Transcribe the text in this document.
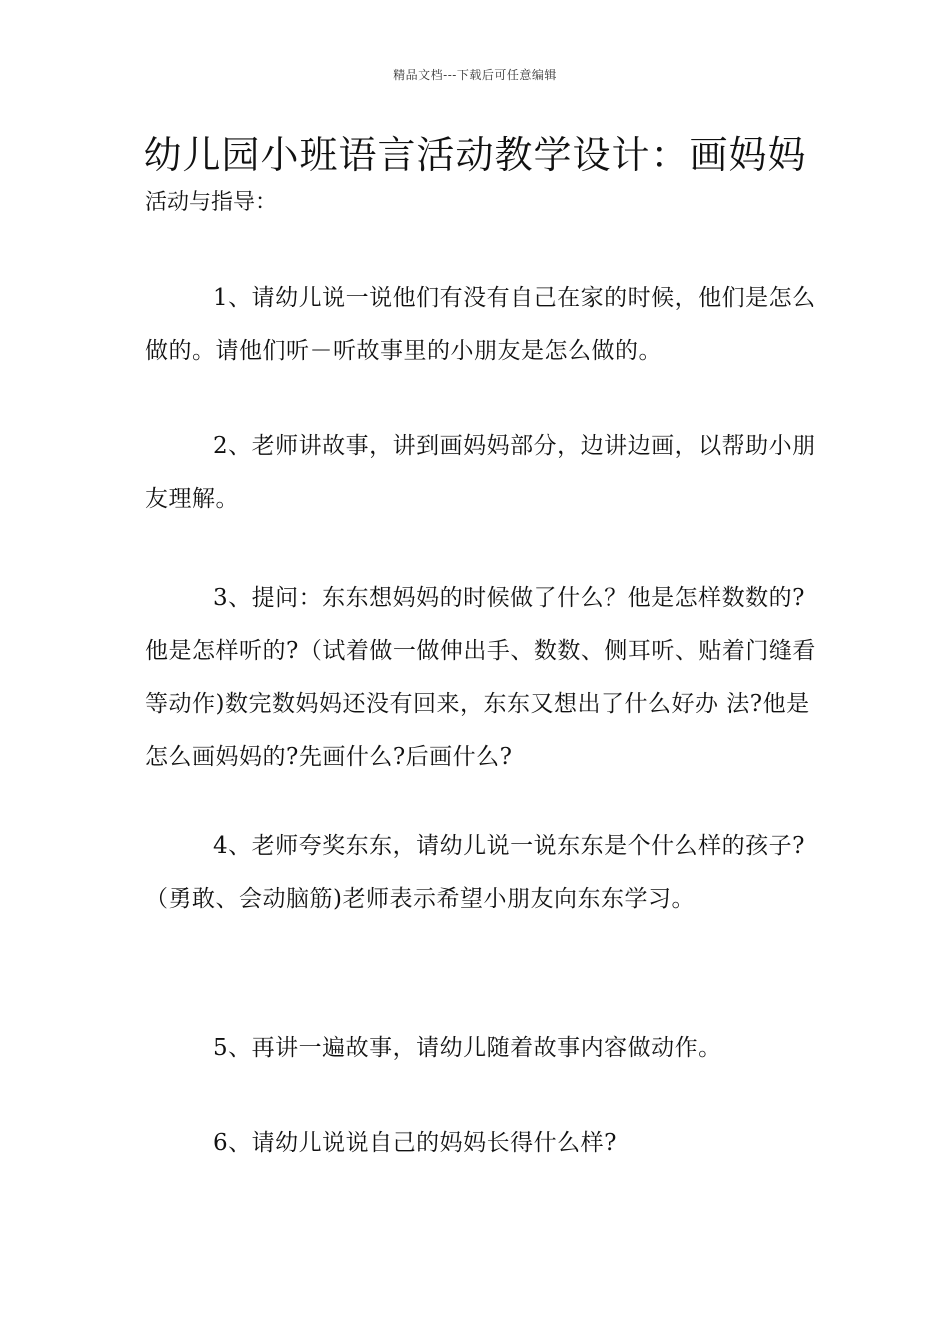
精品文档---下载后可任意编辑
幼儿园小班语言活动教学设计：画妈妈
活动与指导：

1、请幼儿说一说他们有没有自己在家的时候，他们是怎么做的。请他们听－听故事里的小朋友是怎么做的。

2、老师讲故事，讲到画妈妈部分，边讲边画，以帮助小朋友理解。

3、提问：东东想妈妈的时候做了什么？他是怎样数数的?他是怎样听的?（试着做一做伸出手、数数、侧耳听、贴着门缝看等动作)数完数妈妈还没有回来，东东又想出了什么好办 法?他是怎么画妈妈的?先画什么?后画什么?

4、老师夸奖东东，请幼儿说一说东东是个什么样的孩子?（勇敢、会动脑筋)老师表示希望小朋友向东东学习。

5、再讲一遍故事，请幼儿随着故事内容做动作。

6、请幼儿说说自己的妈妈长得什么样?
